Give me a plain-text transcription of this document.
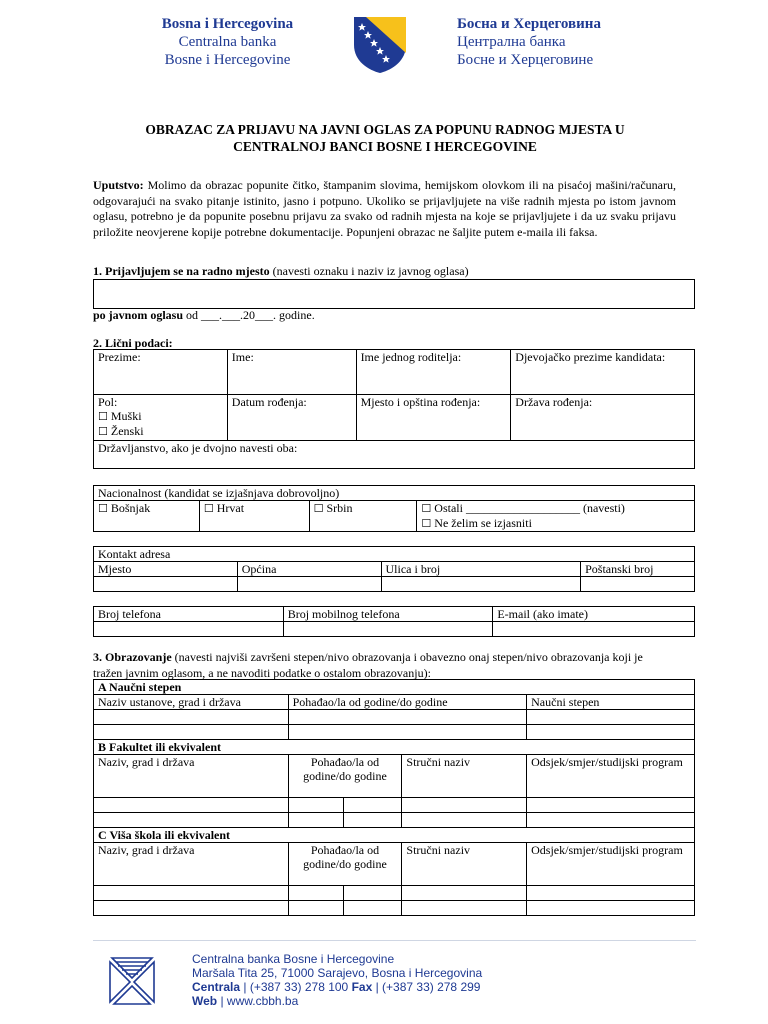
Bosna i Hercegovina
Centralna banka
Bosne i Hercegovine
Босна и Херцеговина
Централна банка
Босне и Херцеговине
OBRAZAC ZA PRIJAVU NA JAVNI OGLAS ZA POPUNU RADNOG MJESTA U
CENTRALNOJ BANCI BOSNE I HERCEGOVINE
Uputstvo: Molimo da obrazac popunite čitko, štampanim slovima, hemijskom olovkom ili na pisaćoj mašini/računaru, odgovarajući na svako pitanje istinito, jasno i potpuno. Ukoliko se prijavljujete na više radnih mjesta po istom javnom oglasu, potrebno je da popunite posebnu prijavu za svako od radnih mjesta na koje se prijavljujete i da uz svaku prijavu priložite neovjerene kopije potrebne dokumentacije. Popunjeni obrazac ne šaljite putem e-maila ili faksa.
1. Prijavljujem se na radno mjesto (navesti oznaku i naziv iz javnog oglasa)
po javnom oglasu od ___.___.20___. godine.
2. Lični podaci:
Prezime:	Ime:	Ime jednog roditelja:	Djevojačko prezime kandidata:

Pol:
☐ Muški
☐ Ženski	Datum rođenja:	Mjesto i opština rođenja:	Država rođenja:
Državljanstvo, ako je dvojno navesti oba:			
Nacionalnost (kandidat se izjašnjava dobrovoljno)
☐ Bošnjak	☐ Hrvat	☐ Srbin	☐ Ostali ___________________ (navesti)
☐ Ne želim se izjasniti
Kontakt adresa			
Mjesto	Općina	Ulica i broj	Poštanski broj

Broj telefona	Broj mobilnog telefona	E-mail (ako imate)

3. Obrazovanje (navesti najviši završeni stepen/nivo obrazovanja i obavezno onaj stepen/nivo obrazovanja koji je tražen javnim oglasom, a ne navoditi podatke o ostalom obrazovanju):
A Naučni stepen				
Naziv ustanove, grad i država	Pohađao/la od godine/do godine			Naučni stepen

B Fakultet ili ekvivalent				
Naziv, grad i država	Pohađao/la od godine/do godine		Stručni naziv	Odsjek/smjer/studijski program

C Viša škola ili ekvivalent				
Naziv, grad i država	Pohađao/la od godine/do godine		Stručni naziv	Odsjek/smjer/studijski program

Centralna banka Bosne i Hercegovine
Maršala Tita 25, 71000 Sarajevo, Bosna i Hercegovina
Centrala | (+387 33) 278 100 Fax | (+387 33) 278 299
Web | www.cbbh.ba
